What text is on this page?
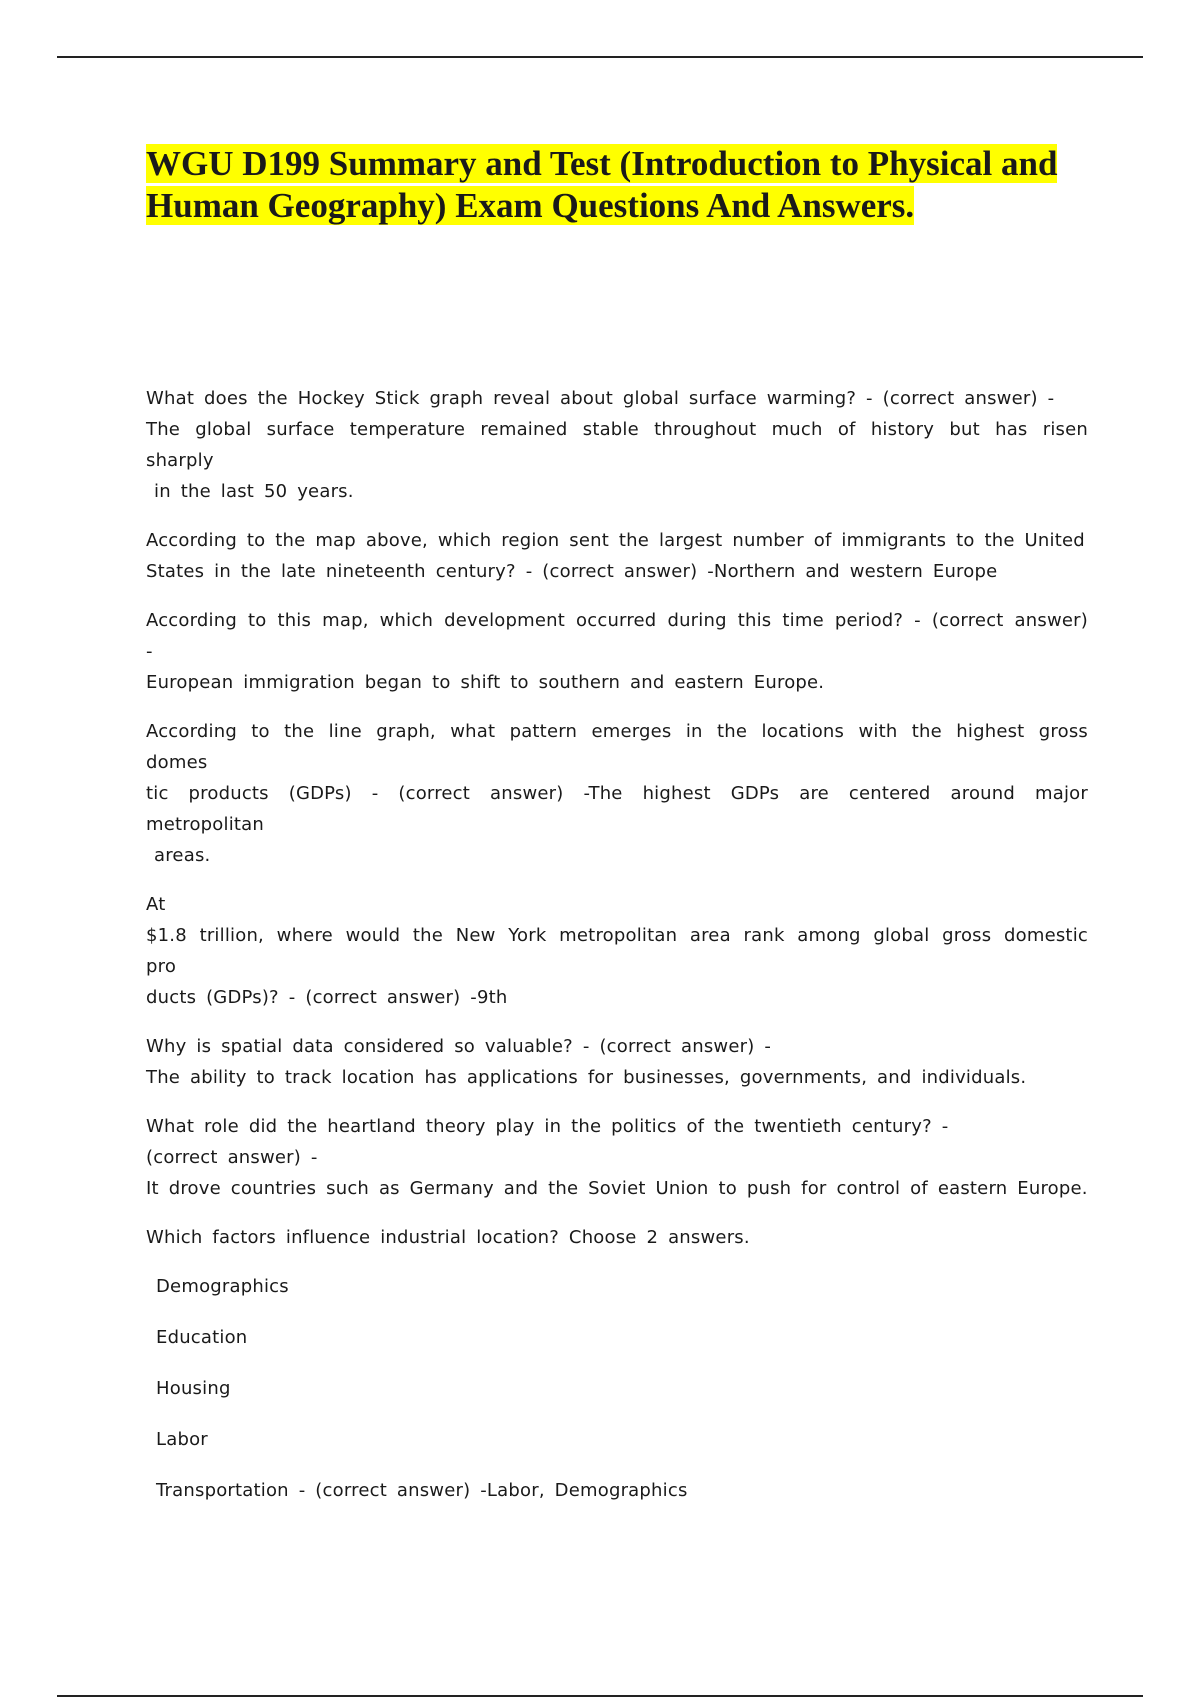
WGU D199 Summary and Test (Introduction to Physical and Human Geography) Exam Questions And Answers.

What does the Hockey Stick graph reveal about global surface warming? - (correct answer) -
The global surface temperature remained stable throughout much of history but has risen sharply
in the last 50 years.

According to the map above, which region sent the largest number of immigrants to the United
States in the late nineteenth century? - (correct answer) -Northern and western Europe

According to this map, which development occurred during this time period? - (correct answer) -
European immigration began to shift to southern and eastern Europe.

According to the line graph, what pattern emerges in the locations with the highest gross domes
tic products (GDPs) - (correct answer) -The highest GDPs are centered around major metropolitan
areas.

At
$1.8 trillion, where would the New York metropolitan area rank among global gross domestic pro
ducts (GDPs)? - (correct answer) -9th

Why is spatial data considered so valuable? - (correct answer) -
The ability to track location has applications for businesses, governments, and individuals.

What role did the heartland theory play in the politics of the twentieth century? -
(correct answer) -
It drove countries such as Germany and the Soviet Union to push for control of eastern Europe.

Which factors influence industrial location? Choose 2 answers.

Demographics
Education
Housing
Labor
Transportation - (correct answer) -Labor, Demographics
